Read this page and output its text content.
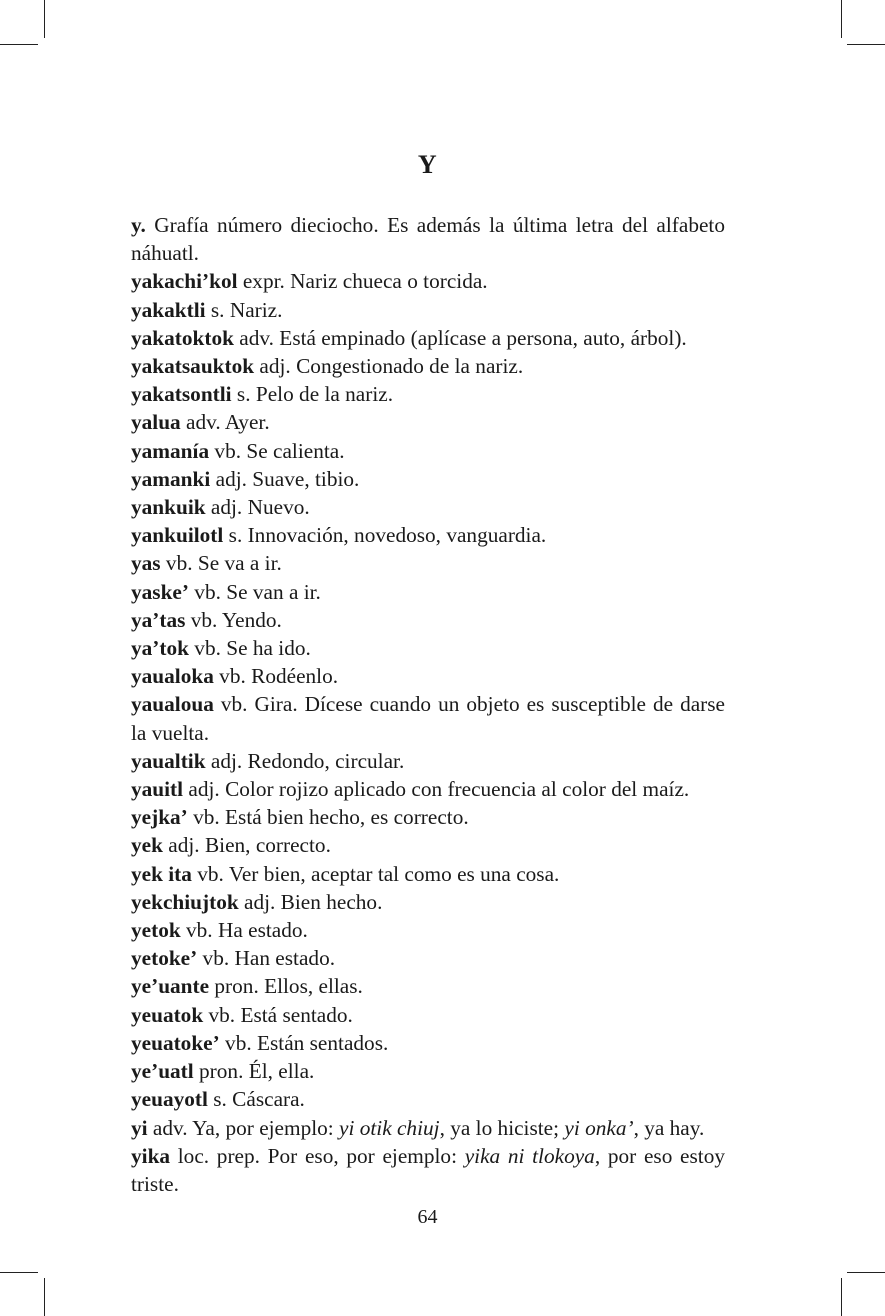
Y

y. Grafía número dieciocho. Es además la última letra del alfabeto náhuatl.

yakachi’kol expr. Nariz chueca o torcida.

yakaktli s. Nariz.

yakatoktok adv. Está empinado (aplícase a persona, auto, árbol).

yakatsauktok adj. Congestionado de la nariz.

yakatsontli s. Pelo de la nariz.

yalua adv. Ayer.

yamanía vb. Se calienta.

yamanki adj. Suave, tibio.

yankuik adj. Nuevo.

yankuilotl s. Innovación, novedoso, vanguardia.

yas vb. Se va a ir.

yaske’ vb. Se van a ir.

ya’tas vb. Yendo.

ya’tok vb. Se ha ido.

yaualoka vb. Rodéenlo.

yaualoua vb. Gira. Dícese cuando un objeto es susceptible de darse la vuelta.

yaualtik adj. Redondo, circular.

yauitl adj. Color rojizo aplicado con frecuencia al color del maíz.

yejka’ vb. Está bien hecho, es correcto.

yek adj. Bien, correcto.

yek ita vb. Ver bien, aceptar tal como es una cosa.

yekchiujtok adj. Bien hecho.

yetok vb. Ha estado.

yetoke’ vb. Han estado.

ye’uante pron. Ellos, ellas.

yeuatok vb. Está sentado.

yeuatoke’ vb. Están sentados.

ye’uatl pron. Él, ella.

yeuayotl s. Cáscara.

yi adv. Ya, por ejemplo: yi otik chiuj, ya lo hiciste; yi onka’, ya hay.

yika loc. prep. Por eso, por ejemplo: yika ni tlokoya, por eso estoy triste.

64
